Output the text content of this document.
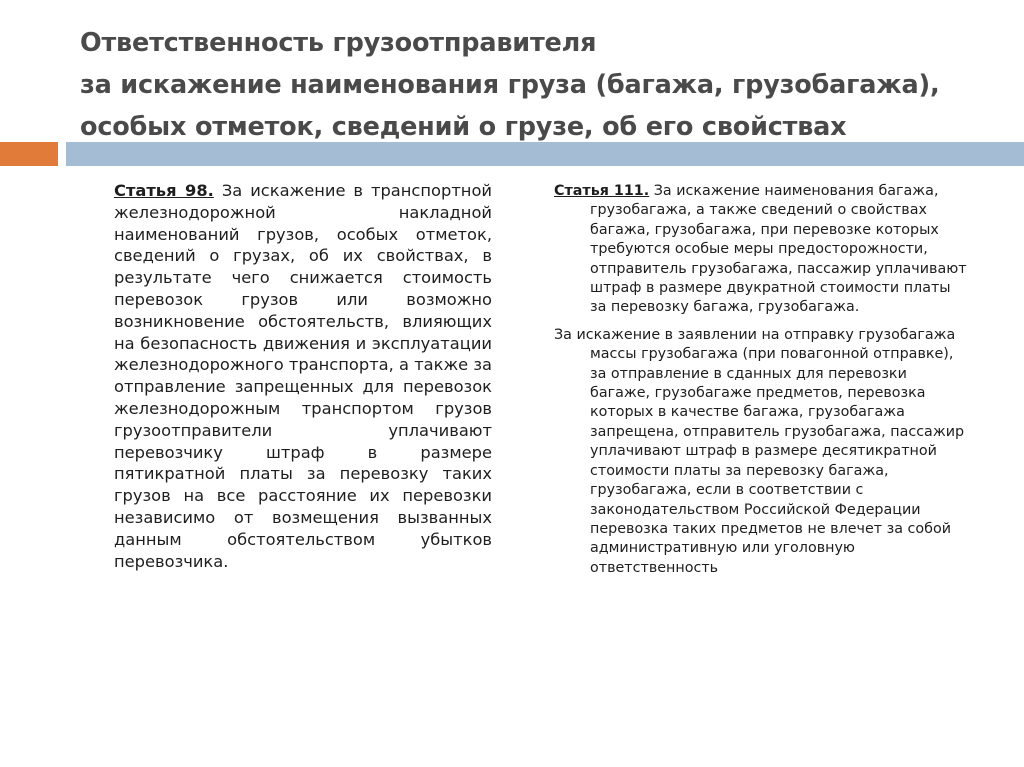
Ответственность грузоотправителя
за искажение наименования груза (багажа, грузобагажа),
особых отметок, сведений о грузе, об его свойствах

Статья 98. За искажение в транспортной железнодорожной накладной наименований грузов, особых отметок, сведений о грузах, об их свойствах, в результате чего снижается стоимость перевозок грузов или возможно возникновение обстоятельств, влияющих на безопасность движения и эксплуатации железнодорожного транспорта, а также за отправление запрещенных для перевозок железнодорожным транспортом грузов грузоотправители уплачивают перевозчику штраф в размере пятикратной платы за перевозку таких грузов на все расстояние их перевозки независимо от возмещения вызванных данным обстоятельством убытков перевозчика.

Статья 111. За искажение наименования багажа, грузобагажа, а также сведений о свойствах багажа, грузобагажа, при перевозке которых требуются особые меры предосторожности, отправитель грузобагажа, пассажир уплачивают штраф в размере двукратной стоимости платы за перевозку багажа, грузобагажа.

За искажение в заявлении на отправку грузобагажа массы грузобагажа (при повагонной отправке), за отправление в сданных для перевозки багаже, грузобагаже предметов, перевозка которых в качестве багажа, грузобагажа запрещена, отправитель грузобагажа, пассажир уплачивают штраф в размере десятикратной стоимости платы за перевозку багажа, грузобагажа, если в соответствии с законодательством Российской Федерации перевозка таких предметов не влечет за собой административную или уголовную ответственность
